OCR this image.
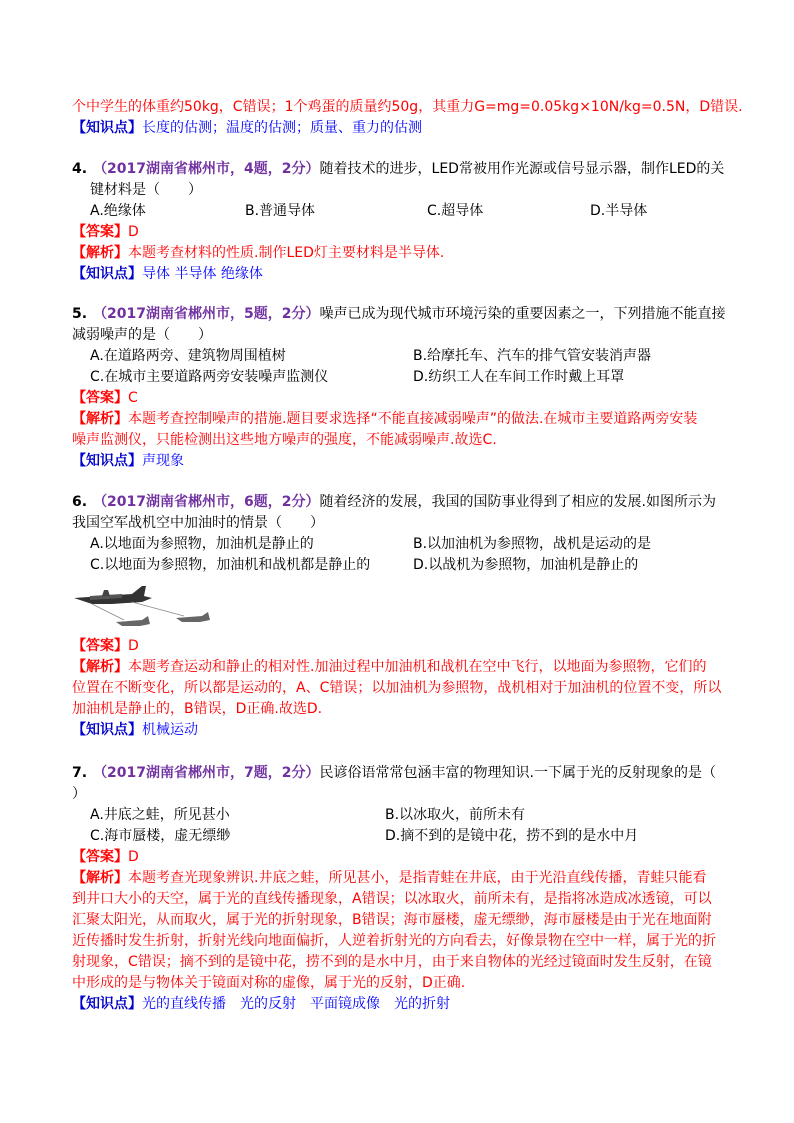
个中学生的体重约50kg，C错误；1个鸡蛋的质量约50g，其重力G=mg=0.05kg×10N/kg=0.5N，D错误.
【知识点】长度的估测；温度的估测；质量、重力的估测
4. （2017湖南省郴州市，4题，2分）随着技术的进步，LED常被用作光源或信号显示器，制作LED的关
键材料是（　　）
A.绝缘体	B.普通导体	C.超导体	D.半导体
【答案】D
【解析】本题考查材料的性质.制作LED灯主要材料是半导体.
【知识点】导体 半导体 绝缘体
5. （2017湖南省郴州市，5题，2分）噪声已成为现代城市环境污染的重要因素之一，下列措施不能直接
减弱噪声的是（　　）
A.在道路两旁、建筑物周围植树	B.给摩托车、汽车的排气管安装消声器
C.在城市主要道路两旁安装噪声监测仪	D.纺织工人在车间工作时戴上耳罩
【答案】C
【解析】本题考查控制噪声的措施.题目要求选择“不能直接减弱噪声”的做法.在城市主要道路两旁安装
噪声监测仪，只能检测出这些地方噪声的强度，不能减弱噪声.故选C.
【知识点】声现象
6. （2017湖南省郴州市，6题，2分）随着经济的发展，我国的国防事业得到了相应的发展.如图所示为
我国空军战机空中加油时的情景（　　）
A.以地面为参照物，加油机是静止的	B.以加油机为参照物，战机是运动的是
C.以地面为参照物，加油机和战机都是静止的	D.以战机为参照物，加油机是静止的
【答案】D
【解析】本题考查运动和静止的相对性.加油过程中加油机和战机在空中飞行，以地面为参照物，它们的
位置在不断变化，所以都是运动的，A、C错误；以加油机为参照物，战机相对于加油机的位置不变，所以
加油机是静止的，B错误，D正确.故选D.
【知识点】机械运动
7. （2017湖南省郴州市，7题，2分）民谚俗语常常包涵丰富的物理知识.一下属于光的反射现象的是（
）
A.井底之蛙，所见甚小	B.以冰取火，前所未有
C.海市蜃楼，虚无缥缈	D.摘不到的是镜中花，捞不到的是水中月
【答案】D
【解析】本题考查光现象辨识.井底之蛙，所见甚小，是指青蛙在井底，由于光沿直线传播，青蛙只能看
到井口大小的天空，属于光的直线传播现象，A错误；以冰取火，前所未有，是指将冰造成冰透镜，可以
汇聚太阳光，从而取火，属于光的折射现象，B错误；海市蜃楼，虚无缥缈，海市蜃楼是由于光在地面附
近传播时发生折射，折射光线向地面偏折，人逆着折射光的方向看去，好像景物在空中一样，属于光的折
射现象，C错误；摘不到的是镜中花，捞不到的是水中月，由于来自物体的光经过镜面时发生反射，在镜
中形成的是与物体关于镜面对称的虚像，属于光的反射，D正确.
【知识点】光的直线传播　光的反射　平面镜成像　光的折射
